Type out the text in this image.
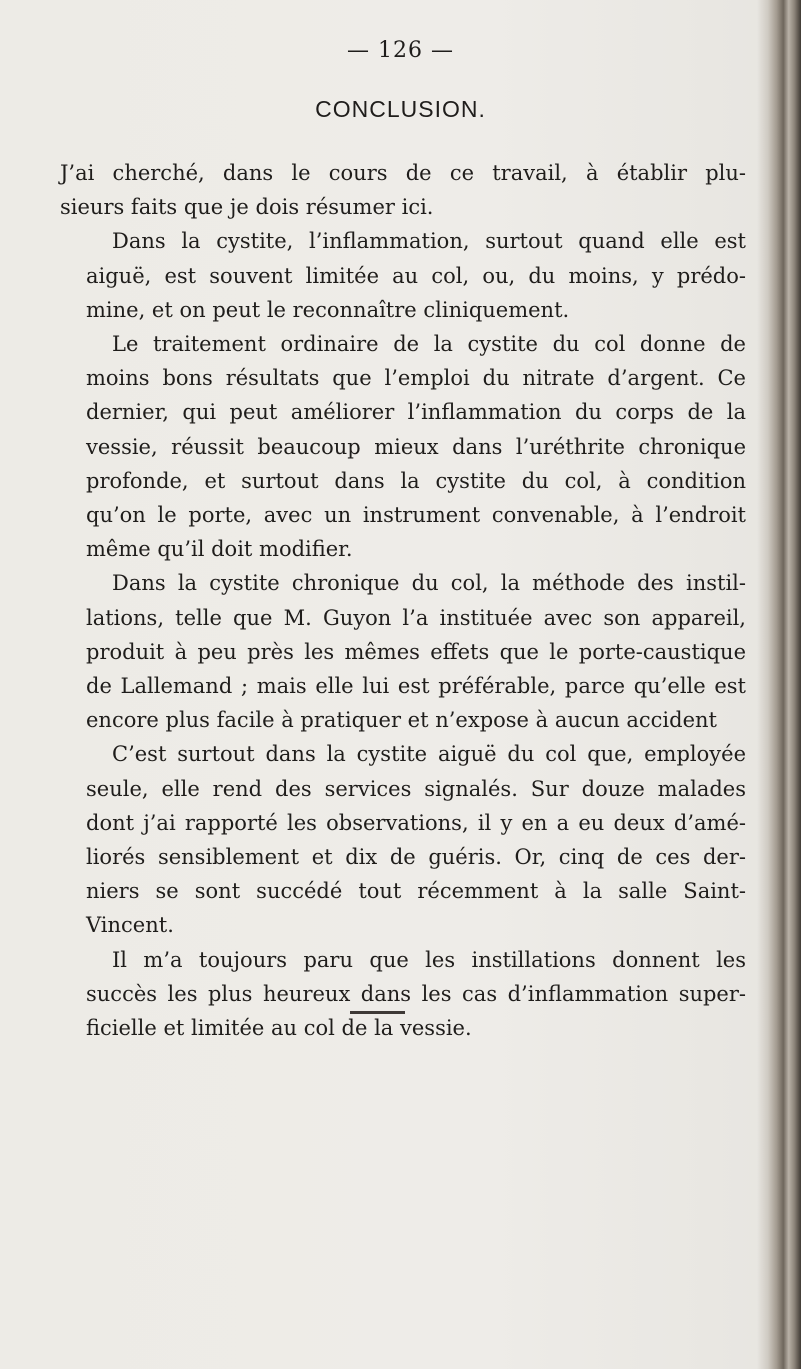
— 126 —
CONCLUSION.

J’ai cherché, dans le cours de ce travail, à établir plu-
sieurs faits que je dois résumer ici.

Dans la cystite, l’inflammation, surtout quand elle est
aiguë, est souvent limitée au col, ou, du moins, y prédo-
mine, et on peut le reconnaître cliniquement.

Le traitement ordinaire de la cystite du col donne de
moins bons résultats que l’emploi du nitrate d’argent. Ce
dernier, qui peut améliorer l’inflammation du corps de la
vessie, réussit beaucoup mieux dans l’uréthrite chronique
profonde, et surtout dans la cystite du col, à condition
qu’on le porte, avec un instrument convenable, à l’endroit
même qu’il doit modifier.

Dans la cystite chronique du col, la méthode des instil-
lations, telle que M. Guyon l’a instituée avec son appareil,
produit à peu près les mêmes effets que le porte-caustique
de Lallemand ; mais elle lui est préférable, parce qu’elle est
encore plus facile à pratiquer et n’expose à aucun accident

C’est surtout dans la cystite aiguë du col que, employée
seule, elle rend des services signalés. Sur douze malades
dont j’ai rapporté les observations, il y en a eu deux d’amé-
liorés sensiblement et dix de guéris. Or, cinq de ces der-
niers se sont succédé tout récemment à la salle Saint-
Vincent.

Il m’a toujours paru que les instillations donnent les
succès les plus heureux dans les cas d’inflammation super-
ficielle et limitée au col de la vessie.
